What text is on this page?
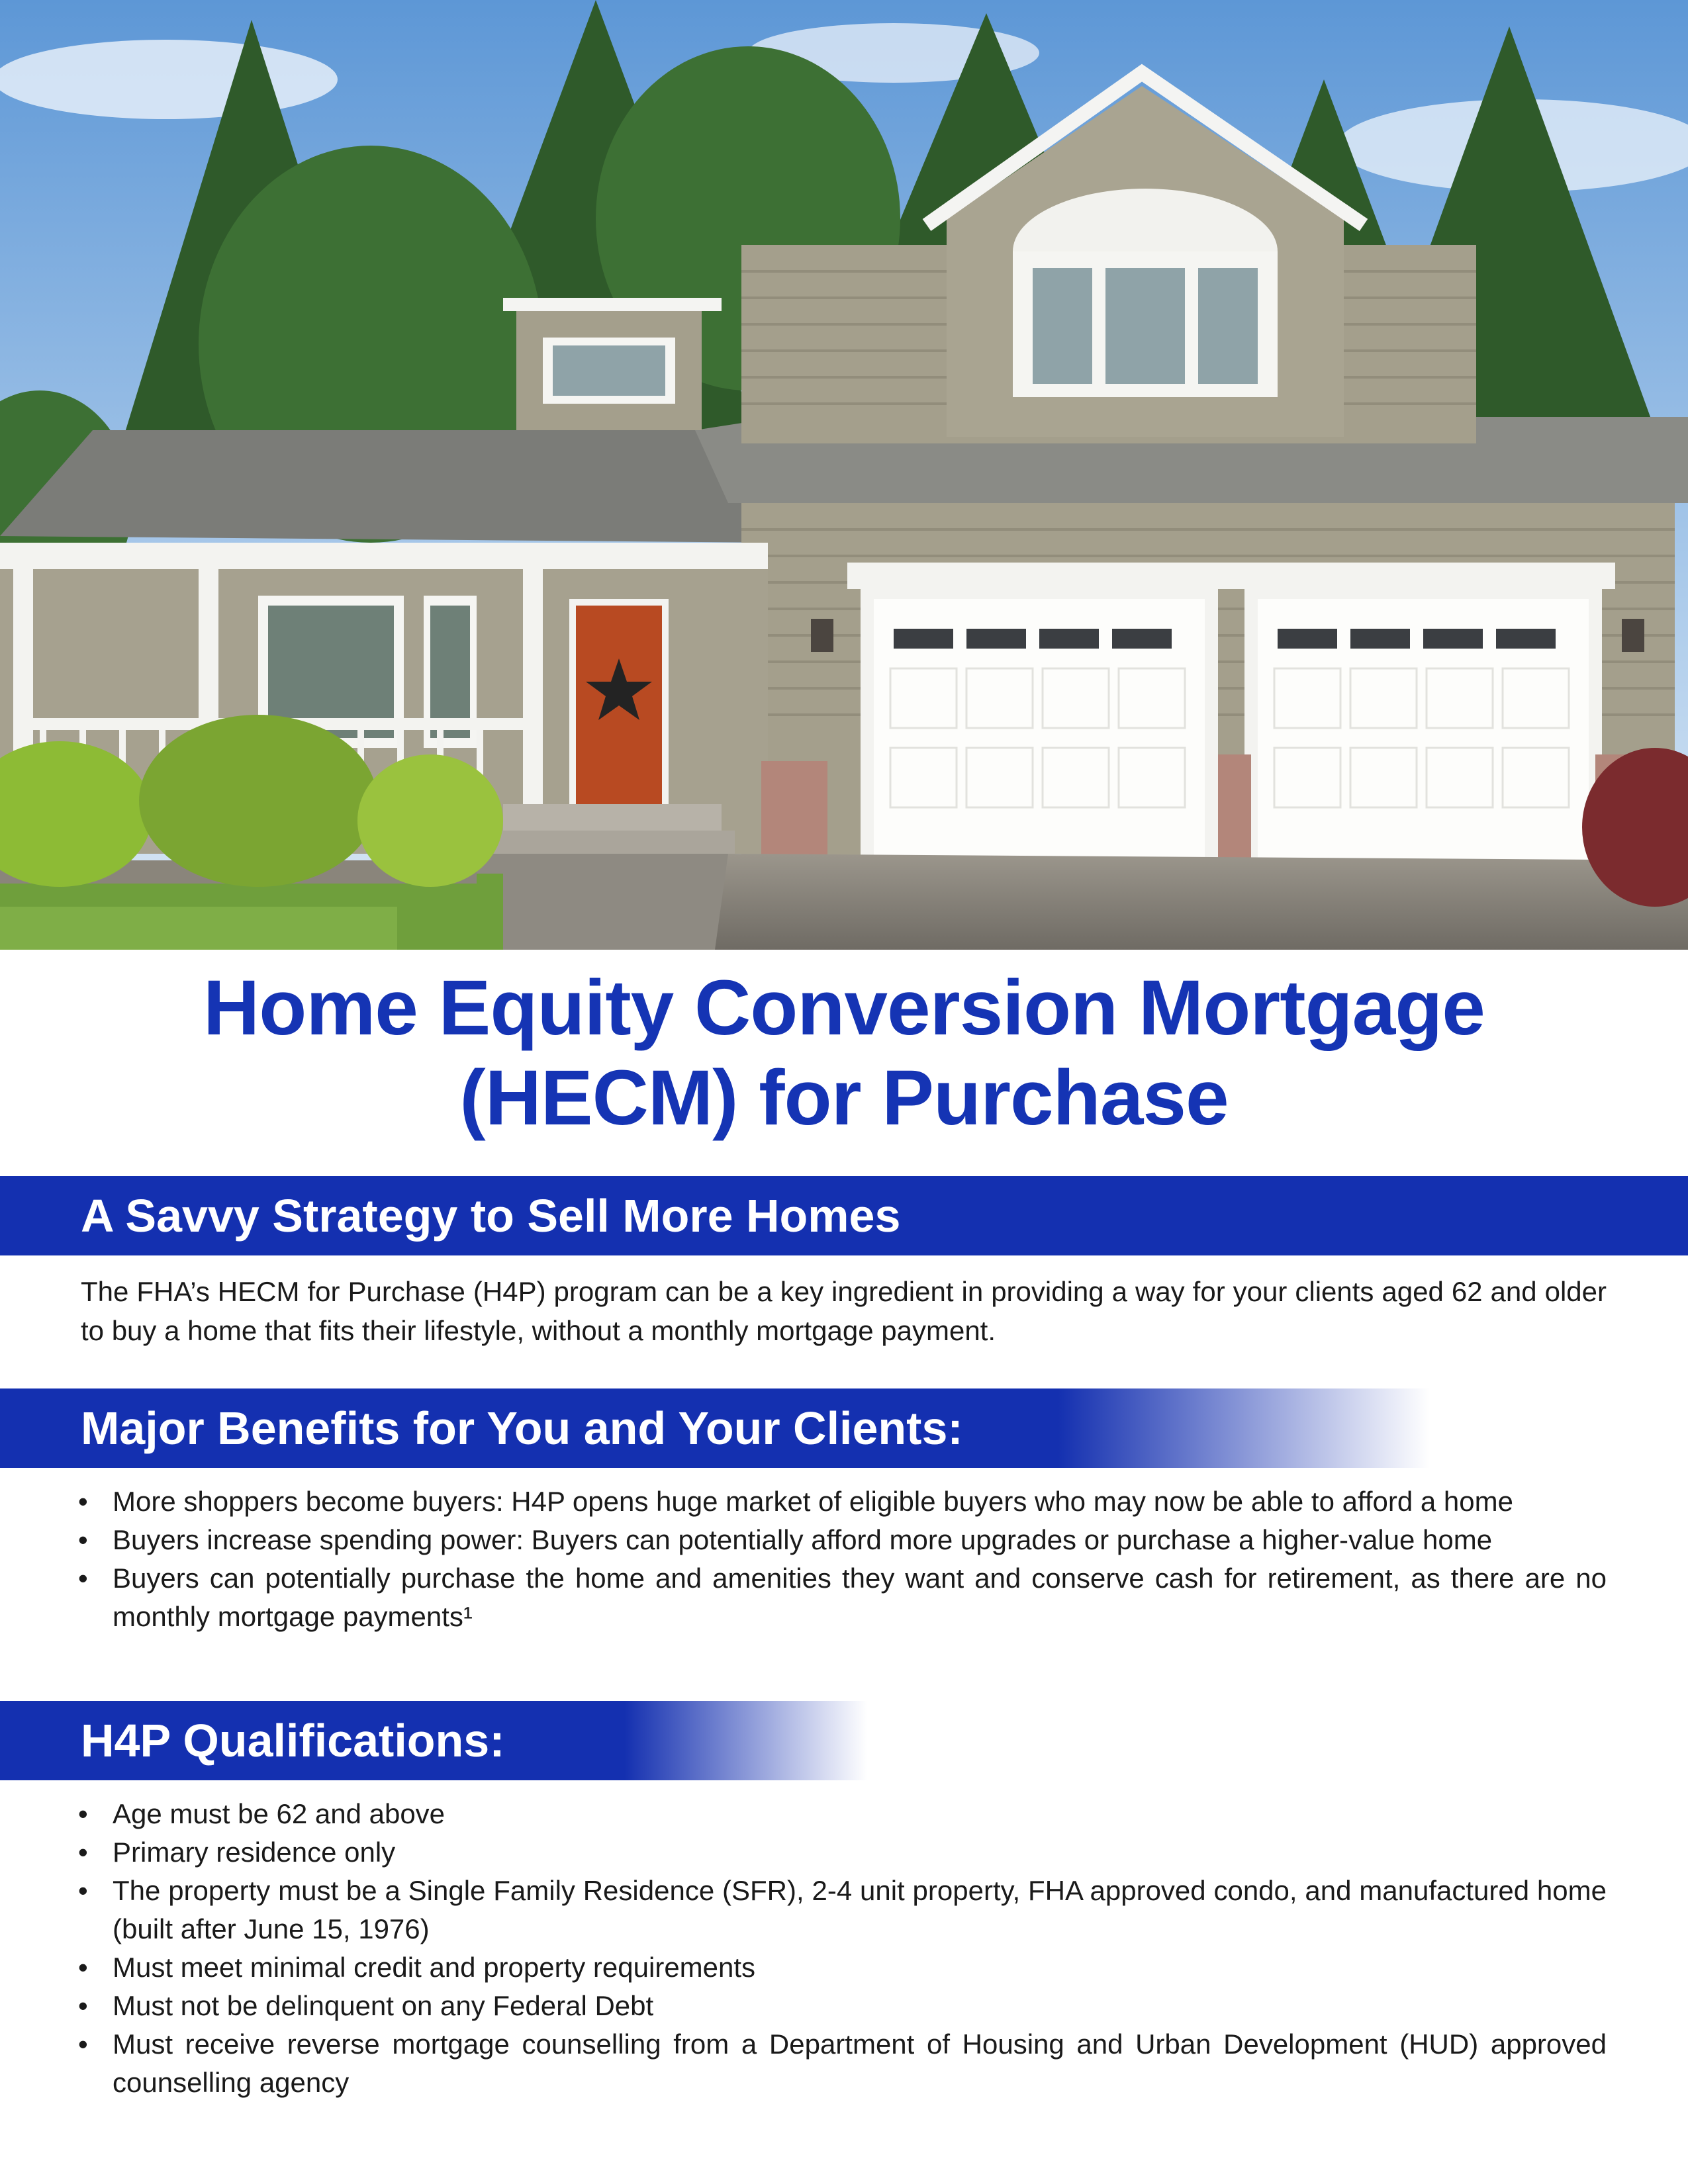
Home Equity Conversion Mortgage
(HECM) for Purchase
A Savvy Strategy to Sell More Homes

The FHA’s HECM for Purchase (H4P) program can be a key ingredient in providing a way for your clients aged 62 and older to buy a home that fits their lifestyle, without a monthly mortgage payment.

Major Benefits for You and Your Clients:
• More shoppers become buyers: H4P opens huge market of eligible buyers who may now be able to afford a home
• Buyers increase spending power: Buyers can potentially afford more upgrades or purchase a higher-value home
• Buyers can potentially purchase the home and amenities they want and conserve cash for retirement, as there are no monthly mortgage payments¹
H4P Qualifications:
• Age must be 62 and above
• Primary residence only
• The property must be a Single Family Residence (SFR), 2-4 unit property, FHA approved condo, and manufactured home (built after June 15, 1976)
• Must meet minimal credit and property requirements
• Must not be delinquent on any Federal Debt
• Must receive reverse mortgage counselling from a Department of Housing and Urban Development (HUD) approved counselling agency
